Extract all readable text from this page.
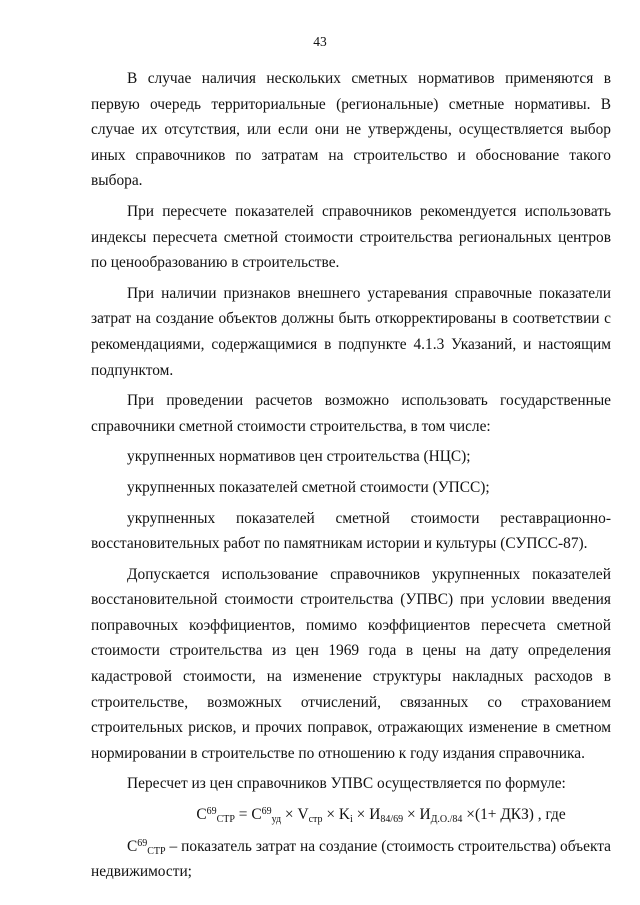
43

В случае наличия нескольких сметных нормативов применяются в первую очередь территориальные (региональные) сметные нормативы. В случае их отсутствия, или если они не утверждены, осуществляется выбор иных справочников по затратам на строительство и обоснование такого выбора.

При пересчете показателей справочников рекомендуется использовать индексы пересчета сметной стоимости строительства региональных центров по ценообразованию в строительстве.

При наличии признаков внешнего устаревания справочные показатели затрат на создание объектов должны быть откорректированы в соответствии с рекомендациями, содержащимися в подпункте 4.1.3 Указаний, и настоящим подпунктом.

При проведении расчетов возможно использовать государственные справочники сметной стоимости строительства, в том числе:

укрупненных нормативов цен строительства (НЦС);

укрупненных показателей сметной стоимости (УПСС);

укрупненных показателей сметной стоимости реставрационно-восстановительных работ по памятникам истории и культуры (СУПСС-87).

Допускается использование справочников укрупненных показателей восстановительной стоимости строительства (УПВС) при условии введения поправочных коэффициентов, помимо коэффициентов пересчета сметной стоимости строительства из цен 1969 года в цены на дату определения кадастровой стоимости, на изменение структуры накладных расходов в строительстве, возможных отчислений, связанных со страхованием строительных рисков, и прочих поправок, отражающих изменение в сметном нормировании в строительстве по отношению к году издания справочника.

Пересчет из цен справочников УПВС осуществляется по формуле:

$С^{69}_{СТР} = С^{69}_{уд} \times V_{стр} \times K_i \times И_{84/69} \times И_{Д.О./84} \times(1+ ДКЗ)$ , где

$С^{69}_{СТР}$ – показатель затрат на создание (стоимость строительства) объекта недвижимости;
